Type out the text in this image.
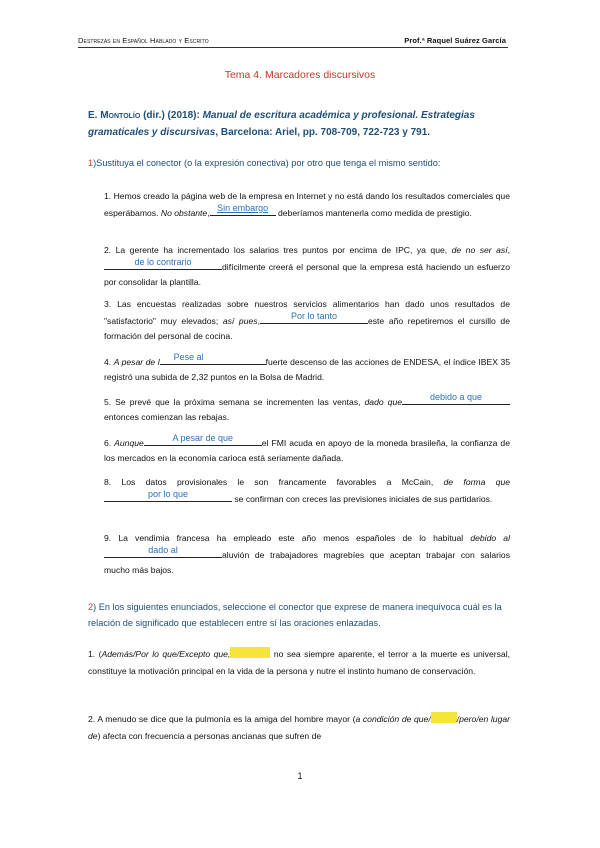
Destrezas en Español Hablado y Escrito	Prof.ª Raquel Suárez García
Tema 4. Marcadores discursivos
E. Montolío (dir.) (2018): Manual de escritura académica y profesional. Estrategias gramaticales y discursivas, Barcelona: Ariel, pp. 708-709, 722-723 y 791.
1)Sustituya el conector (o la expresión conectiva) por otro que tenga el mismo sentido:
1. Hemos creado la página web de la empresa en Internet y no está dando los resultados comerciales que esperábamos. No obstante, Sin embargo deberíamos mantenerla como medida de prestigio.
2. La gerente ha incrementado los salarios tres puntos por encima de IPC, ya que, de no ser así,
de lo contrario	difícilmente creerá el personal que la empresa está haciendo un esfuerzo por consolidar la plantilla.
3. Las encuestas realizadas sobre nuestros servicios alimentarios han dado unos resultados de "satisfactorio" muy elevados; así pues,	Por lo tanto	este año repetiremos el cursillo de formación del personal de cocina.
4. A pesar de l	Pese al	fuerte descenso de las acciones de ENDESA, el índice IBEX 35 registró una subida de 2,32 puntos en la Bolsa de Madrid.
5. Se prevé que la próxima semana se incrementen las ventas, dado que	debido a que
entonces comienzan las rebajas.
6. Aunque	A pesar de que	el FMI acuda en apoyo de la moneda brasileña, la confianza de los mercados en la economía carioca está seriamente dañada.
8. Los datos provisionales le son francamente favorables a McCain, de forma que
por lo que	se confirman con creces las previsiones iniciales de sus partidarios.
9. La vendimia francesa ha empleado este año menos españoles de lo habitual debido al
dado al	aluvión de trabajadores magrebíes que aceptan trabajar con salarios mucho más bajos.
2) En los siguientes enunciados, seleccione el conector que exprese de manera inequívoca cuál es la relación de significado que establecen entre sí las oraciones enlazadas.
1. (Además/Por lo que/Excepto que,	no sea siempre aparente, el terror a la muerte es universal, constituye la motivación principal en la vida de la persona y nutre el instinto humano de conservación.
2. A menudo se dice que la pulmonía es la amiga del hombre mayor (a condición de que/	/pero/en lugar de) afecta con frecuencia a personas ancianas que sufren de
1
